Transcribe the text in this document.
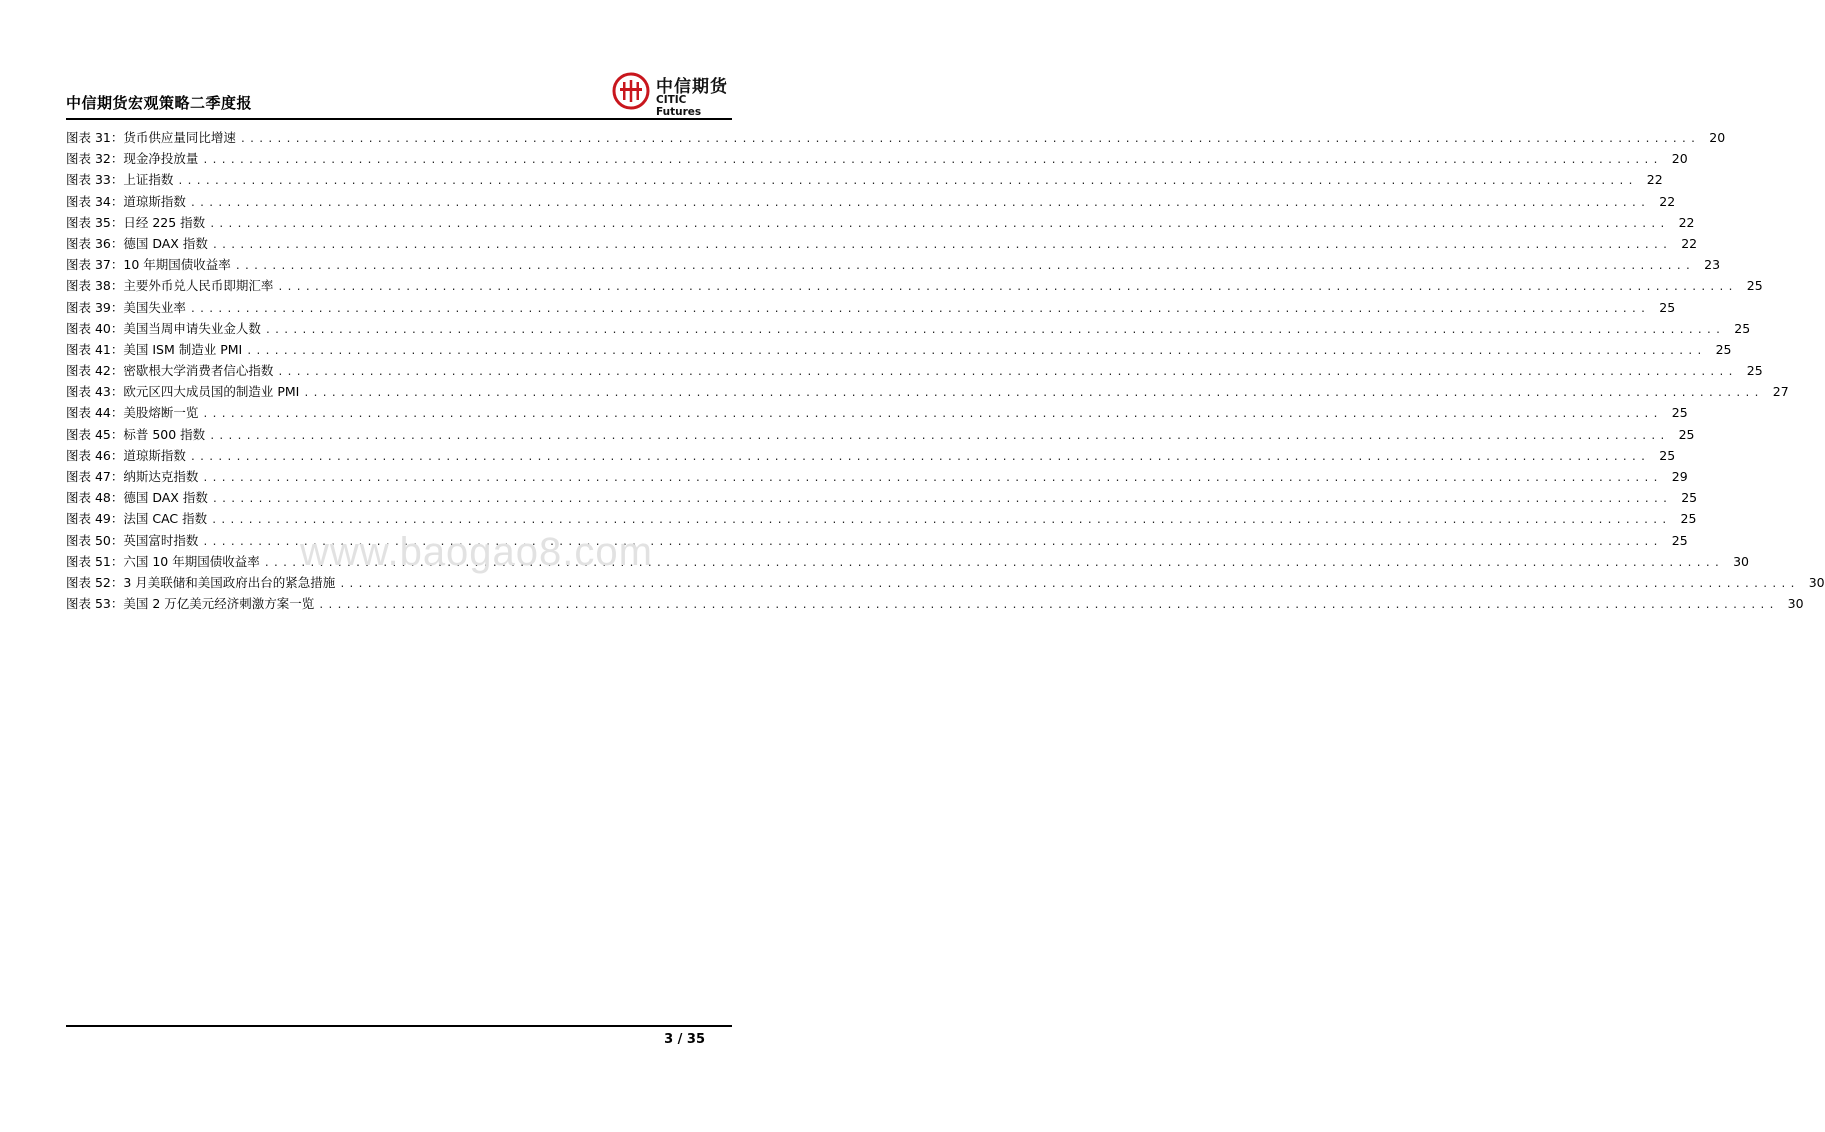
中信期货宏观策略二季度报
中信期货
CITIC Futures
图表 31：货币供应量同比增速 ................................................................................................................................................................ 20
图表 32：现金净投放量 ................................................................................................................................................................ 20
图表 33：上证指数 ................................................................................................................................................................ 22
图表 34：道琼斯指数 ................................................................................................................................................................ 22
图表 35：日经 225 指数 ................................................................................................................................................................ 22
图表 36：德国 DAX 指数 ................................................................................................................................................................ 22
图表 37：10 年期国债收益率 ................................................................................................................................................................ 23
图表 38：主要外币兑人民币即期汇率 ................................................................................................................................................................ 25
图表 39：美国失业率 ................................................................................................................................................................ 25
图表 40：美国当周申请失业金人数 ................................................................................................................................................................ 25
图表 41：美国 ISM 制造业 PMI ................................................................................................................................................................ 25
图表 42：密歇根大学消费者信心指数 ................................................................................................................................................................ 25
图表 43：欧元区四大成员国的制造业 PMI ................................................................................................................................................................ 27
图表 44：美股熔断一览 ................................................................................................................................................................ 25
图表 45：标普 500 指数 ................................................................................................................................................................ 25
图表 46：道琼斯指数 ................................................................................................................................................................ 25
图表 47：纳斯达克指数 ................................................................................................................................................................ 29
图表 48：德国 DAX 指数 ................................................................................................................................................................ 25
图表 49：法国 CAC 指数 ................................................................................................................................................................ 25
图表 50：英国富时指数 ................................................................................................................................................................ 25
图表 51：六国 10 年期国债收益率 ................................................................................................................................................................ 30
图表 52：3 月美联储和美国政府出台的紧急措施 ................................................................................................................................................................ 30
图表 53：美国 2 万亿美元经济刺激方案一览 ................................................................................................................................................................ 30
www.baogao8.com
3 / 35
